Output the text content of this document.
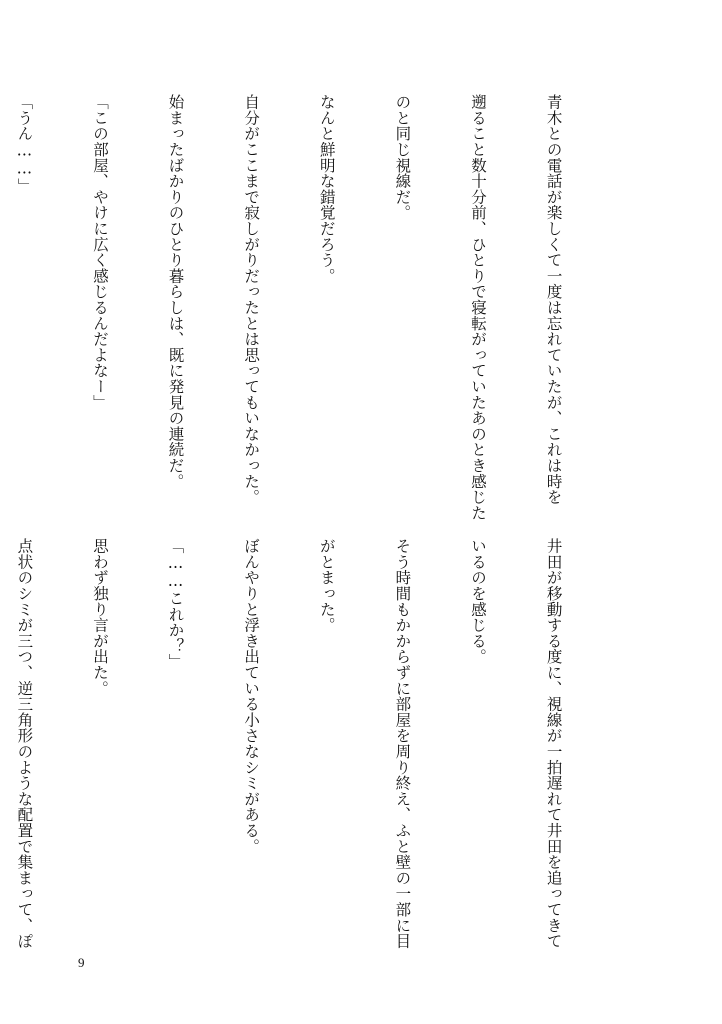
青木との電話が楽しくて一度は忘れていたが、これは時を

遡ること数十分前、ひとりで寝転がっていたあのとき感じた

のと同じ視線だ。

なんと鮮明な錯覚だろう。

自分がここまで寂しがりだったとは思ってもいなかった。

始まったばかりのひとり暮らしは、既に発見の連続だ。

「この部屋、やけに広く感じるんだよなー」

「うん……」

井田が移動する度に、視線が一拍遅れて井田を追ってきて

いるのを感じる。

そう時間もかからずに部屋を周り終え、ふと壁の一部に目

がとまった。

ぼんやりと浮き出ている小さなシミがある。

「……これか？」

思わず独り言が出た。

点状のシミが三つ、逆三角形のような配置で集まって、ぽ

9
